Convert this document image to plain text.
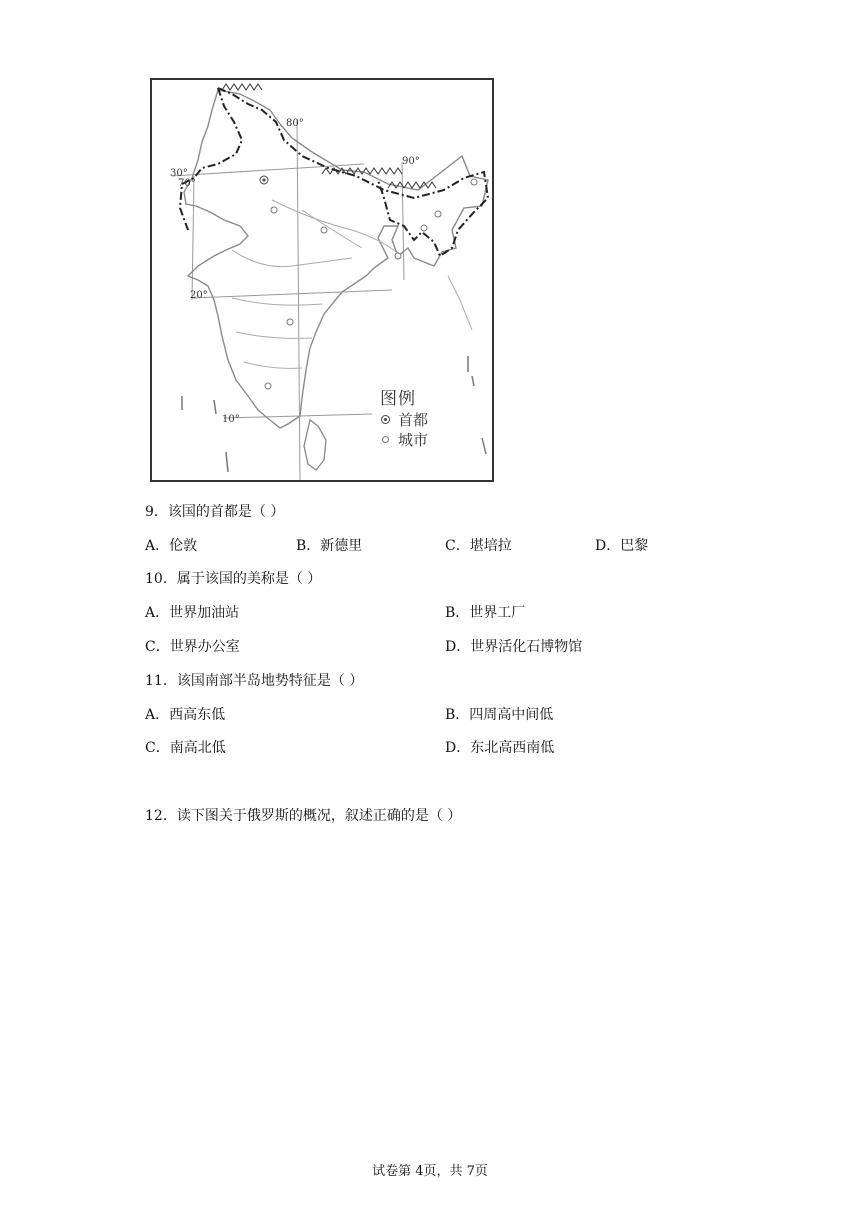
30°
70°
80°
90°
20°
10°
图例
首都
城市
9．该国的首都是（ ）
A．伦敦	B．新德里	C．堪培拉	D．巴黎
10．属于该国的美称是（ ）
A．世界加油站	B．世界工厂
C．世界办公室	D．世界活化石博物馆
11．该国南部半岛地势特征是（ ）
A．西高东低	B．四周高中间低
C．南高北低	D．东北高西南低
12．读下图关于俄罗斯的概况，叙述正确的是（ ）
试卷第 4页，共 7页
